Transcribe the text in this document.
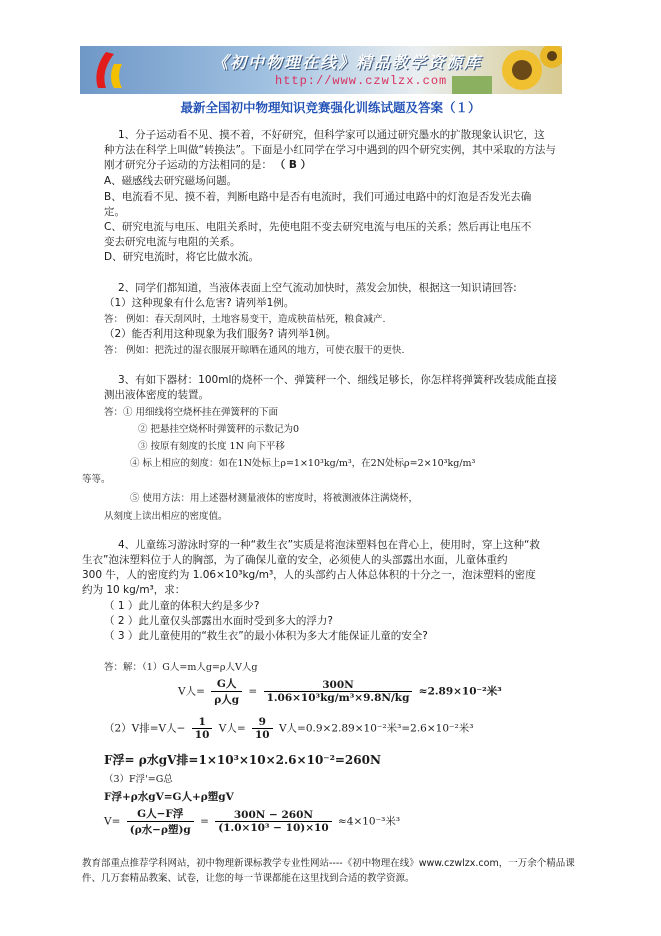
《初中物理在线》精品教学资源库
http://www.czwlzx.com
最新全国初中物理知识竞赛强化训练试题及答案（１）

1、分子运动看不见、摸不着，不好研究，但科学家可以通过研究墨水的扩散现象认识它，这

种方法在科学上叫做“转换法”。下面是小红同学在学习中遇到的四个研究实例，其中采取的方法与

刚才研究分子运动的方法相同的是： （ B ）

A、磁感线去研究磁场问题。

B、电流看不见、摸不着，判断电路中是否有电流时，我们可通过电路中的灯泡是否发光去确

定。

C、研究电流与电压、电阻关系时，先使电阻不变去研究电流与电压的关系；然后再让电压不

变去研究电流与电阻的关系。

D、研究电流时，将它比做水流。

2、同学们都知道，当液体表面上空气流动加快时，蒸发会加快，根据这一知识请回答:

（1）这种现象有什么危害? 请列举1例。

答： 例如：春天刮风时，土地容易变干，造成秧苗枯死，粮食减产.

（2）能否利用这种现象为我们服务? 请列举1例。

答： 例如：把洗过的湿衣服展开晾晒在通风的地方，可使衣服干的更快.

3、有如下器材：100ml的烧杯一个、弹簧秤一个、细线足够长，你怎样将弹簧秤改装成能直接

测出液体密度的装置。

答：① 用细线将空烧杯挂在弹簧秤的下面

② 把悬挂空烧杯时弹簧秤的示数记为0

③ 按原有刻度的长度 1N 向下平移

④ 标上相应的刻度：如在1N处标上ρ=1×10³kg/m³，在2N处标ρ=2×10³kg/m³

等等。

⑤ 使用方法：用上述器材测量液体的密度时，将被测液体注满烧杯，

从刻度上读出相应的密度值。

4、儿童练习游泳时穿的一种“救生衣”实质是将泡沫塑料包在背心上，使用时，穿上这种“救

生衣”泡沫塑料位于人的胸部，为了确保儿童的安全，必须使人的头部露出水面，儿童体重约

300 牛，人的密度约为 1.06×10³kg/m³，人的头部约占人体总体积的十分之一，泡沫塑料的密度

约为 10 kg/m³，求：

（ 1 ）此儿童的体积大约是多少?

（ 2 ）此儿童仅头部露出水面时受到多大的浮力?

（ 3 ）此儿童使用的“救生衣”的最小体积为多大才能保证儿童的安全?

答：解：（1）G人=m人g=ρ人V人g

V人= $\frac{\text{G人}}{\text{ρ人g}} = \frac{300N}{\text{1.06×10³kg/m³×9.8N/kg}} \approx 2.89\times 10^{-2}$米³
（2）V排=V人− $\frac{1}{10}$ V人= $\frac{9}{10}$ V人=0.9×2.89×10⁻²米³=2.6×10⁻²米³
F浮= ρ水gV排=1×10³×10×2.6×10⁻²=260N
（3）F浮'=G总
F浮+ρ水gV=G人+ρ塑gV
$V= \frac{\text{G人−F浮}}{\text{(ρ水−ρ塑)g}} = \frac{300N - 260N}{\text{(1.0×10³ − 10)×10}} \approx 4\times 10^{-3}$米³
教育部重点推荐学科网站，初中物理新课标教学专业性网站----《初中物理在线》www.czwlzx.com，一万余个精品课
件、几万套精品教案、试卷，让您的每一节课都能在这里找到合适的教学资源。
